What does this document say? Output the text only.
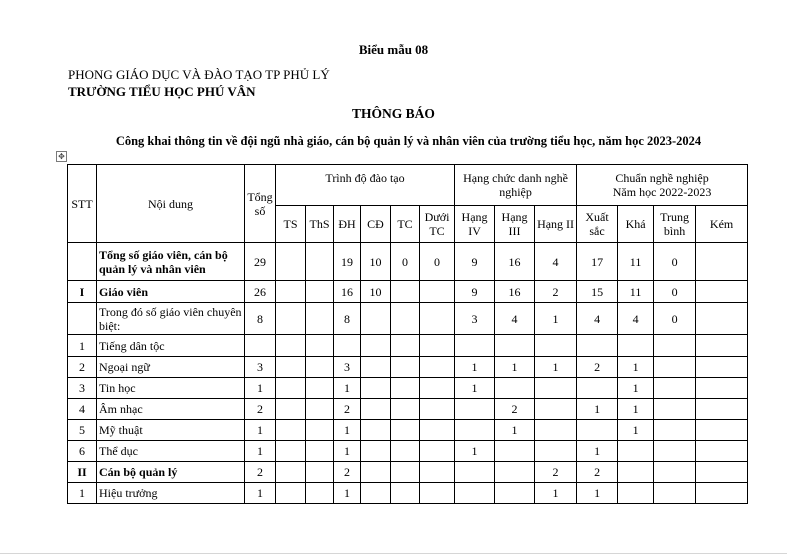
Biểu mẫu 08
PHONG GIÁO DỤC VÀ ĐÀO TẠO TP PHỦ LÝ
TRƯỜNG TIỂU HỌC PHÚ VÂN
THÔNG BÁO
Công khai thông tin về đội ngũ nhà giáo, cán bộ quản lý và nhân viên của trường tiểu học, năm học 2023-2024
✥
STT	Nội dung	Tổng số	Trình độ đào tạo						Hạng chức danh nghề nghiệp			Chuẩn nghề nghiệp
Năm học 2022-2023			
			TS	ThS	ĐH	CĐ	TC	Dưới TC	Hạng IV	Hạng III	Hạng II	Xuất sắc	Khá	Trung bình	Kém
	Tổng số giáo viên, cán bộ quản lý và nhân viên	29			19	10	0	0	9	16	4	17	11	0	
I	Giáo viên	26			16	10			9	16	2	15	11	0	
	Trong đó số giáo viên chuyên biệt:	8			8				3	4	1	4	4	0	
1	Tiếng dân tộc														
2	Ngoại ngữ	3			3				1	1	1	2	1		
3	Tin học	1			1				1				1		
4	Âm nhạc	2			2					2		1	1		
5	Mỹ thuật	1			1					1			1		
6	Thể dục	1			1				1			1			
II	Cán bộ quản lý	2			2						2	2			
1	Hiệu trưởng	1			1						1	1			
